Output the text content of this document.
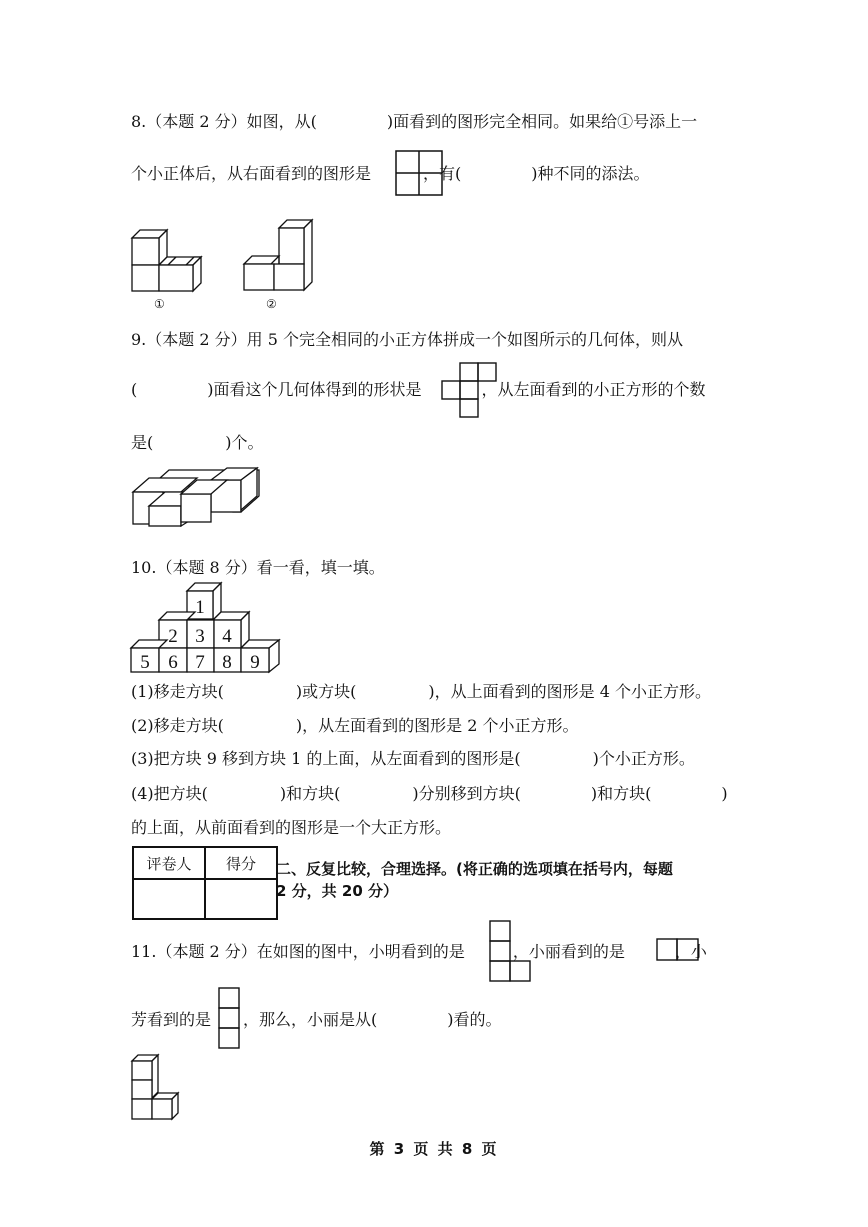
8.（本题 2 分）如图，从(	)面看到的图形完全相同。如果给①号添上一
个小正体后，从右面看到的图形是	，有(	)种不同的添法。
①	②
9.（本题 2 分）用 5 个完全相同的小正方体拼成一个如图所示的几何体，则从
(	)面看这个几何体得到的形状是	，从左面看到的小正方形的个数
是(	)个。
10.（本题 8 分）看一看，填一填。
1
2 3 4
5 6 7 8 9
(1)移走方块(	)或方块(	)，从上面看到的图形是 4 个小正方形。
(2)移走方块(	)，从左面看到的图形是 2 个小正方形。
(3)把方块 9 移到方块 1 的上面，从左面看到的图形是(	)个小正方形。
(4)把方块(	)和方块(	)分别移到方块(	)和方块(	)
的上面，从前面看到的图形是一个大正方形。
评卷人	得分
	二、反复比较，合理选择。(将正确的选项填在括号内，每题
2 分，共 20 分）
11.（本题 2 分）在如图的图中，小明看到的是	，小丽看到的是	，小
芳看到的是 ，那么，小丽是从(	)看的。
第 3 页 共 8 页
